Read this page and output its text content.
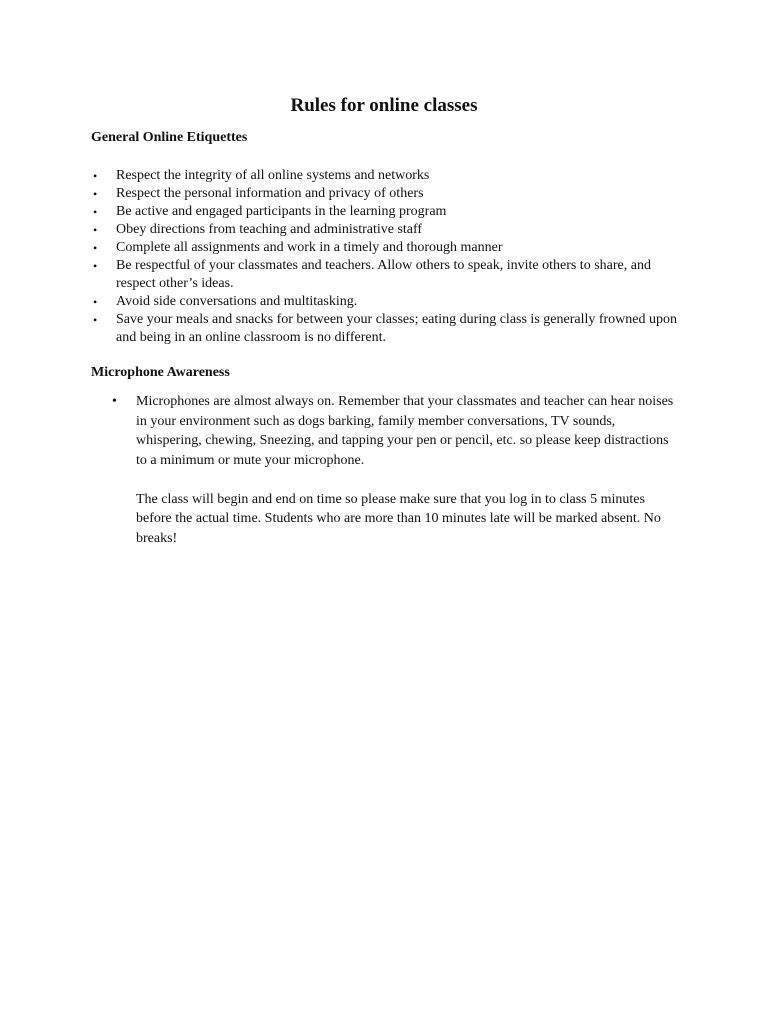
Rules for online classes
General Online Etiquettes
• Respect the integrity of all online systems and networks
• Respect the personal information and privacy of others
• Be active and engaged participants in the learning program
• Obey directions from teaching and administrative staff
• Complete all assignments and work in a timely and thorough manner
• Be respectful of your classmates and teachers. Allow others to speak, invite others to share, and respect other’s ideas.
• Avoid side conversations and multitasking.
• Save your meals and snacks for between your classes; eating during class is generally frowned upon and being in an online classroom is no different.
Microphone Awareness
• Microphones are almost always on. Remember that your classmates and teacher can hear noises in your environment such as dogs barking, family member conversations, TV sounds, whispering, chewing, Sneezing, and tapping your pen or pencil, etc. so please keep distractions to a minimum or mute your microphone.

The class will begin and end on time so please make sure that you log in to class 5 minutes before the actual time. Students who are more than 10 minutes late will be marked absent. No breaks!
